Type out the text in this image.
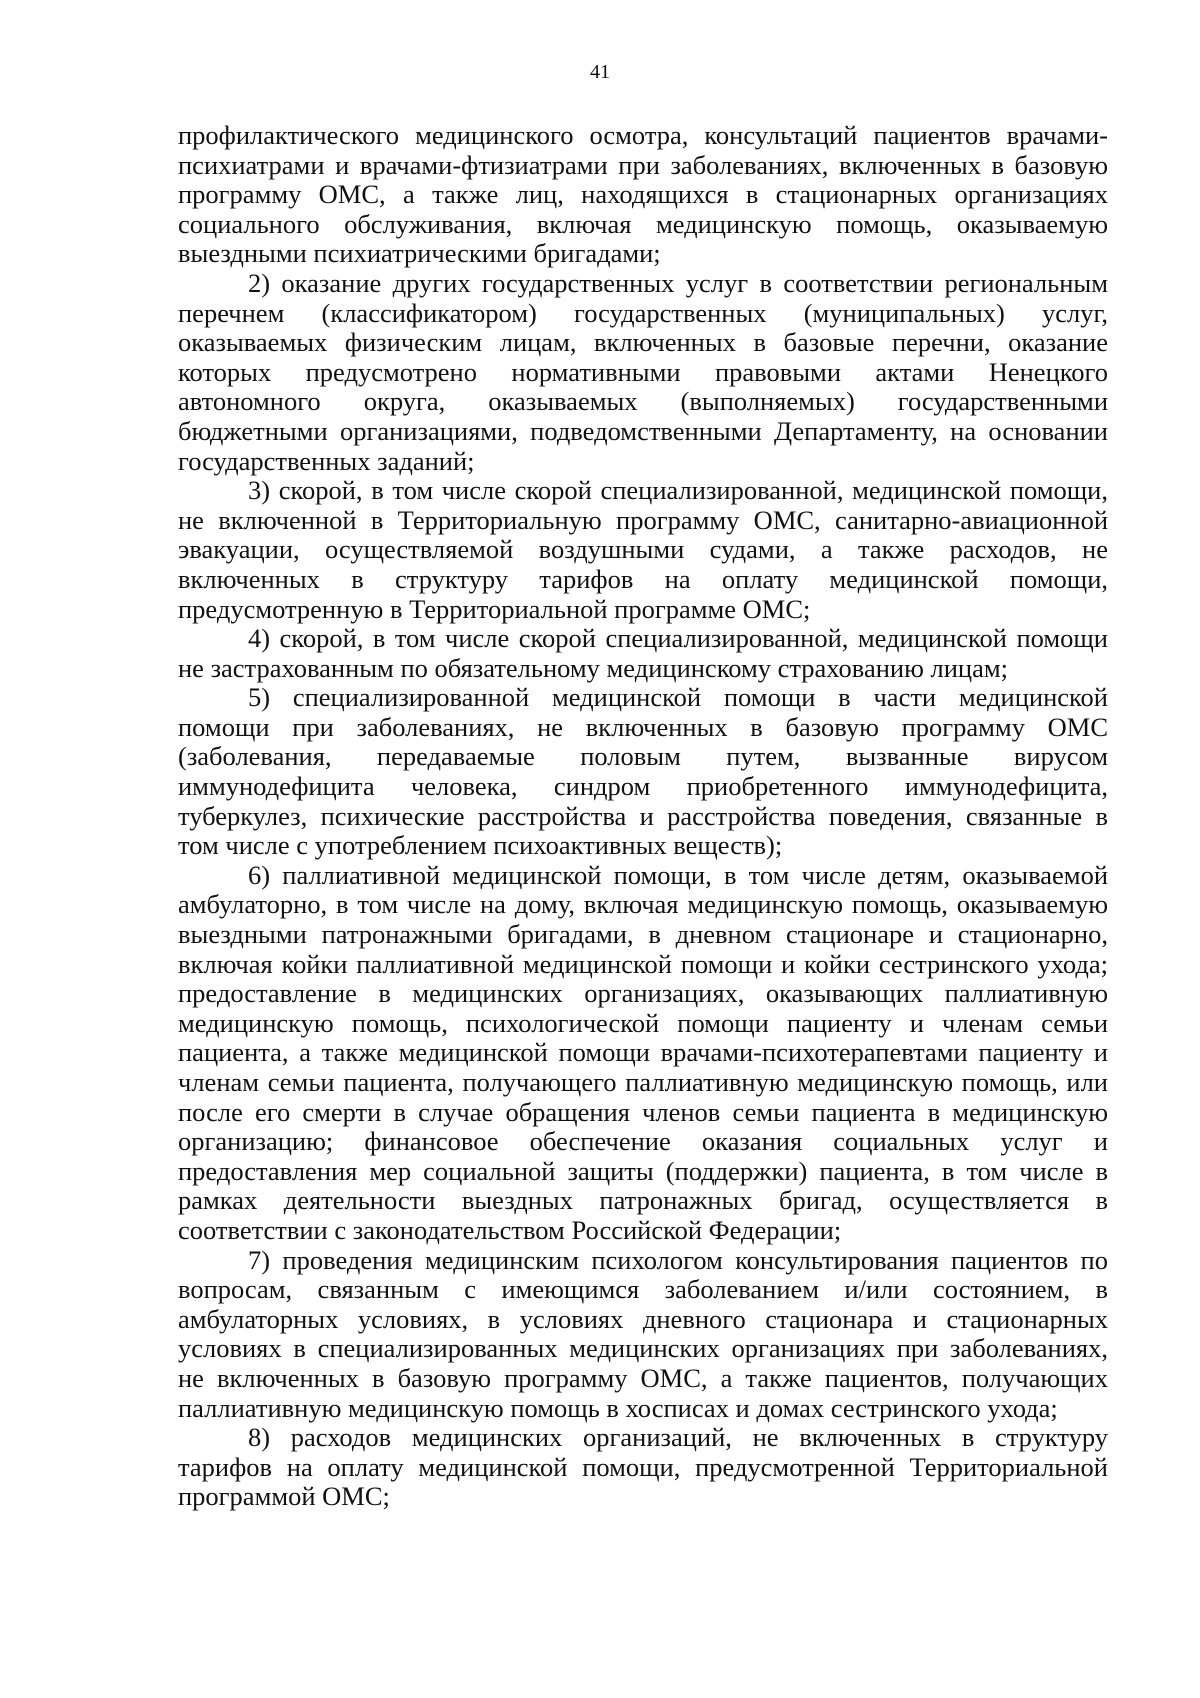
41

профилактического медицинского осмотра, консультаций пациентов врачами-психиатрами и врачами-фтизиатрами при заболеваниях, включенных в базовую программу ОМС, а также лиц, находящихся в стационарных организациях социального обслуживания, включая медицинскую помощь, оказываемую выездными психиатрическими бригадами;

2) оказание других государственных услуг в соответствии региональным перечнем (классификатором) государственных (муниципальных) услуг, оказываемых физическим лицам, включенных в базовые перечни, оказание которых предусмотрено нормативными правовыми актами Ненецкого автономного округа, оказываемых (выполняемых) государственными бюджетными организациями, подведомственными Департаменту, на основании государственных заданий;

3) скорой, в том числе скорой специализированной, медицинской помощи, не включенной в Территориальную программу ОМС, санитарно-авиационной эвакуации, осуществляемой воздушными судами, а также расходов, не включенных в структуру тарифов на оплату медицинской помощи, предусмотренную в Территориальной программе ОМС;

4) скорой, в том числе скорой специализированной, медицинской помощи не застрахованным по обязательному медицинскому страхованию лицам;

5) специализированной медицинской помощи в части медицинской помощи при заболеваниях, не включенных в базовую программу ОМС (заболевания, передаваемые половым путем, вызванные вирусом иммунодефицита человека, синдром приобретенного иммунодефицита, туберкулез, психические расстройства и расстройства поведения, связанные в том числе с употреблением психоактивных веществ);

6) паллиативной медицинской помощи, в том числе детям, оказываемой амбулаторно, в том числе на дому, включая медицинскую помощь, оказываемую выездными патронажными бригадами, в дневном стационаре и стационарно, включая койки паллиативной медицинской помощи и койки сестринского ухода; предоставление в медицинских организациях, оказывающих паллиативную медицинскую помощь, психологической помощи пациенту и членам семьи пациента, а также медицинской помощи врачами-психотерапевтами пациенту и членам семьи пациента, получающего паллиативную медицинскую помощь, или после его смерти в случае обращения членов семьи пациента в медицинскую организацию; финансовое обеспечение оказания социальных услуг и предоставления мер социальной защиты (поддержки) пациента, в том числе в рамках деятельности выездных патронажных бригад, осуществляется в соответствии с законодательством Российской Федерации;

7) проведения медицинским психологом консультирования пациентов по вопросам, связанным с имеющимся заболеванием и/или состоянием, в амбулаторных условиях, в условиях дневного стационара и стационарных условиях в специализированных медицинских организациях при заболеваниях, не включенных в базовую программу ОМС, а также пациентов, получающих паллиативную медицинскую помощь в хосписах и домах сестринского ухода;

8) расходов медицинских организаций, не включенных в структуру тарифов на оплату медицинской помощи, предусмотренной Территориальной программой ОМС;
